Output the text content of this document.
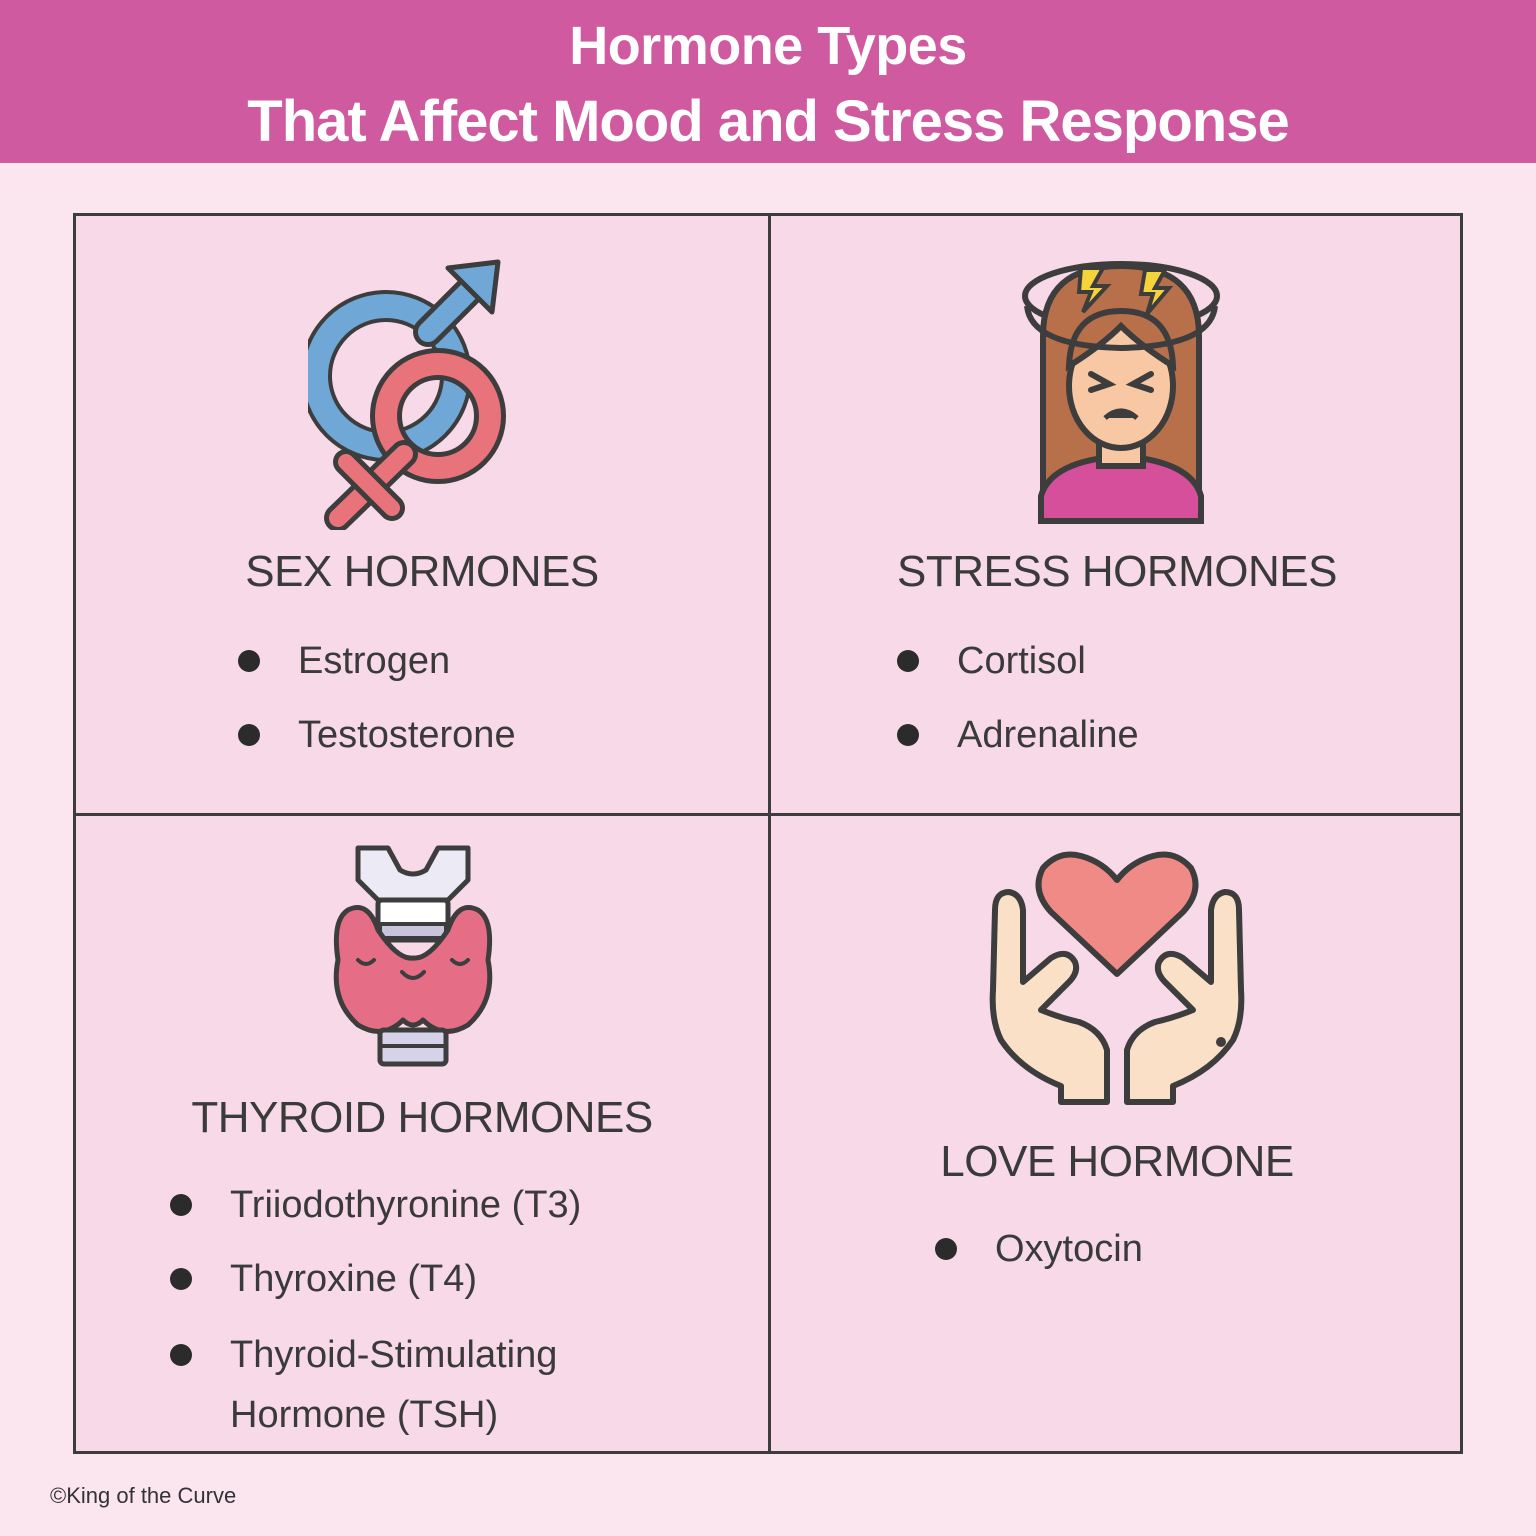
Hormone Types
That Affect Mood and Stress Response
SEX HORMONES
Estrogen
Testosterone
STRESS HORMONES
Cortisol
Adrenaline
THYROID HORMONES
Triiodothyronine (T3)
Thyroxine (T4)
Thyroid-Stimulating
Hormone (TSH)
LOVE HORMONE
Oxytocin
©King of the Curve
